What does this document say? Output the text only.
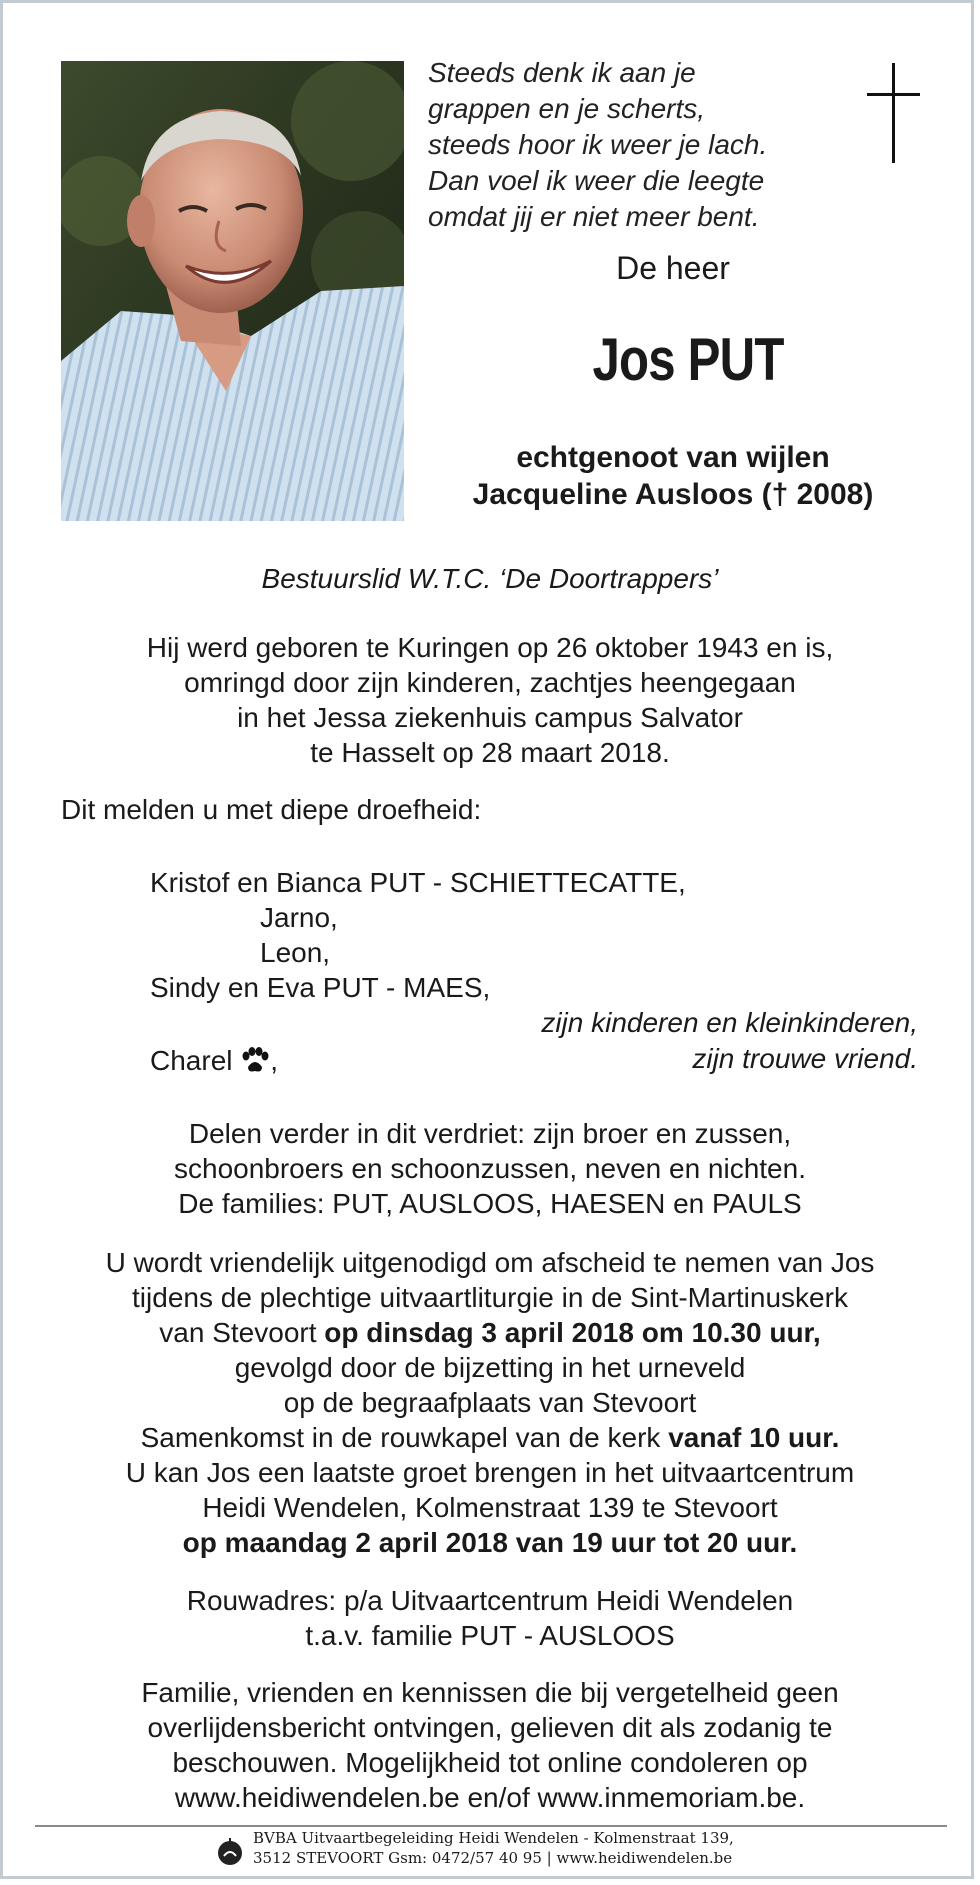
Steeds denk ik aan je
grappen en je scherts,
steeds hoor ik weer je lach.
Dan voel ik weer die leegte
omdat jij er niet meer bent.
De heer
Jos PUT
echtgenoot van wijlen
Jacqueline Ausloos († 2008)
Bestuurslid W.T.C. ‘De Doortrappers’
Hij werd geboren te Kuringen op 26 oktober 1943 en is,
omringd door zijn kinderen, zachtjes heengegaan
in het Jessa ziekenhuis campus Salvator
te Hasselt op 28 maart 2018.
Dit melden u met diepe droefheid:
Kristof en Bianca PUT - SCHIETTECATTE,
Jarno,
Leon,
Sindy en Eva PUT - MAES,
zijn kinderen en kleinkinderen,
Charel ,	zijn trouwe vriend.
Delen verder in dit verdriet: zijn broer en zussen,
schoonbroers en schoonzussen, neven en nichten.
De families: PUT, AUSLOOS, HAESEN en PAULS
U wordt vriendelijk uitgenodigd om afscheid te nemen van Jos
tijdens de plechtige uitvaartliturgie in de Sint-Martinuskerk
van Stevoort op dinsdag 3 april 2018 om 10.30 uur,
gevolgd door de bijzetting in het urneveld
op de begraafplaats van Stevoort
Samenkomst in de rouwkapel van de kerk vanaf 10 uur.
U kan Jos een laatste groet brengen in het uitvaartcentrum
Heidi Wendelen, Kolmenstraat 139 te Stevoort
op maandag 2 april 2018 van 19 uur tot 20 uur.
Rouwadres: p/a Uitvaartcentrum Heidi Wendelen
t.a.v. familie PUT - AUSLOOS
Familie, vrienden en kennissen die bij vergetelheid geen
overlijdensbericht ontvingen, gelieven dit als zodanig te
beschouwen. Mogelijkheid tot online condoleren op
www.heidiwendelen.be en/of www.inmemoriam.be.
BVBA Uitvaartbegeleiding Heidi Wendelen - Kolmenstraat 139,
3512 STEVOORT Gsm: 0472/57 40 95 | www.heidiwendelen.be
